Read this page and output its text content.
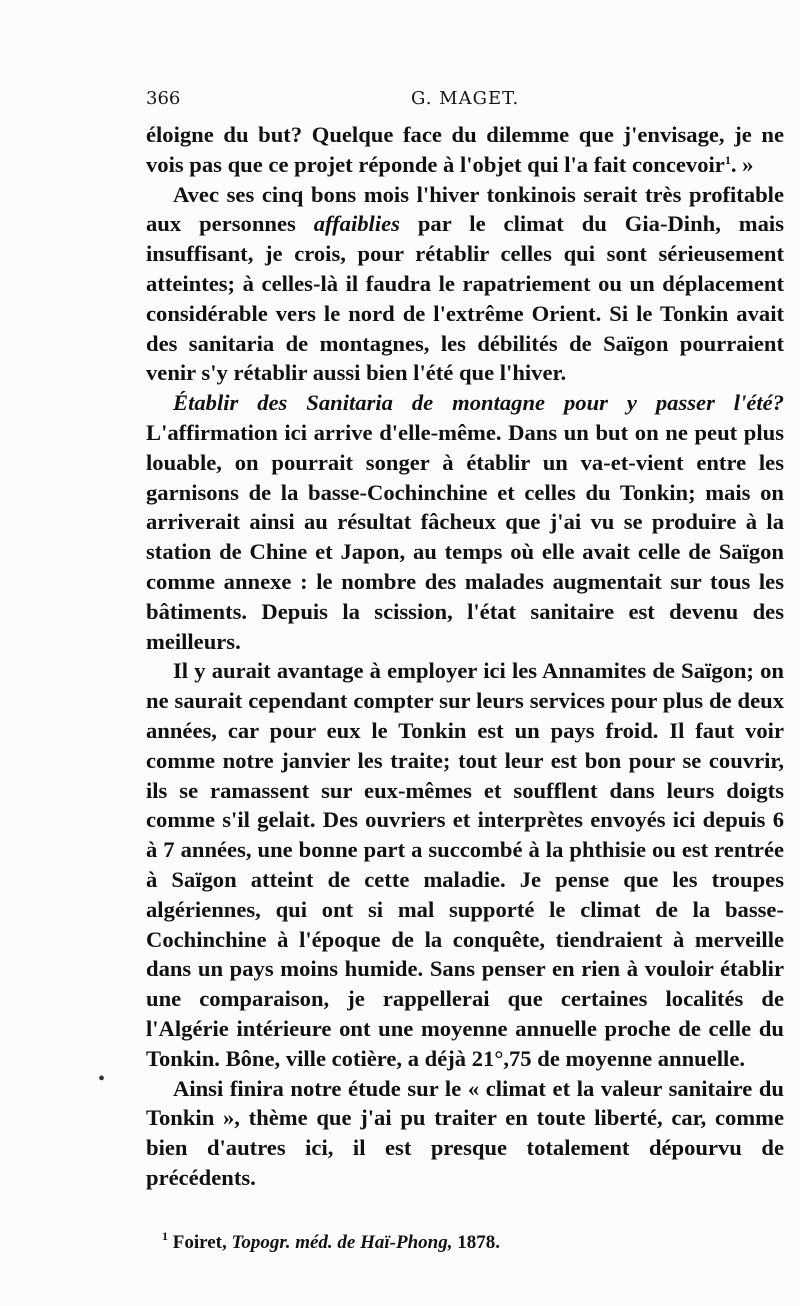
366	G. MAGET.

éloigne du but? Quelque face du dilemme que j'envisage, je ne vois pas que ce projet réponde à l'objet qui l'a fait concevoir$^1$. »

Avec ses cinq bons mois l'hiver tonkinois serait très profitable aux personnes affaiblies par le climat du Gia-Dinh, mais insuffisant, je crois, pour rétablir celles qui sont sérieusement atteintes; à celles-là il faudra le rapatriement ou un déplacement considérable vers le nord de l'extrême Orient. Si le Tonkin avait des sanitaria de montagnes, les débilités de Saïgon pourraient venir s'y rétablir aussi bien l'été que l'hiver.

Établir des Sanitaria de montagne pour y passer l'été? L'affirmation ici arrive d'elle-même. Dans un but on ne peut plus louable, on pourrait songer à établir un va-et-vient entre les garnisons de la basse-Cochinchine et celles du Tonkin; mais on arriverait ainsi au résultat fâcheux que j'ai vu se produire à la station de Chine et Japon, au temps où elle avait celle de Saïgon comme annexe : le nombre des malades augmentait sur tous les bâtiments. Depuis la scission, l'état sanitaire est devenu des meilleurs.

Il y aurait avantage à employer ici les Annamites de Saïgon; on ne saurait cependant compter sur leurs services pour plus de deux années, car pour eux le Tonkin est un pays froid. Il faut voir comme notre janvier les traite; tout leur est bon pour se couvrir, ils se ramassent sur eux-mêmes et soufflent dans leurs doigts comme s'il gelait. Des ouvriers et interprètes envoyés ici depuis 6 à 7 années, une bonne part a succombé à la phthisie ou est rentrée à Saïgon atteint de cette maladie. Je pense que les troupes algériennes, qui ont si mal supporté le climat de la basse-Cochinchine à l'époque de la conquête, tiendraient à merveille dans un pays moins humide. Sans penser en rien à vouloir établir une comparaison, je rappellerai que certaines localités de l'Algérie intérieure ont une moyenne annuelle proche de celle du Tonkin. Bône, ville cotière, a déjà 21°,75 de moyenne annuelle.

Ainsi finira notre étude sur le « climat et la valeur sanitaire du Tonkin », thème que j'ai pu traiter en toute liberté, car, comme bien d'autres ici, il est presque totalement dépourvu de précédents.

•
$^1$ Foiret, Topogr. méd. de Haï-Phong, 1878.
